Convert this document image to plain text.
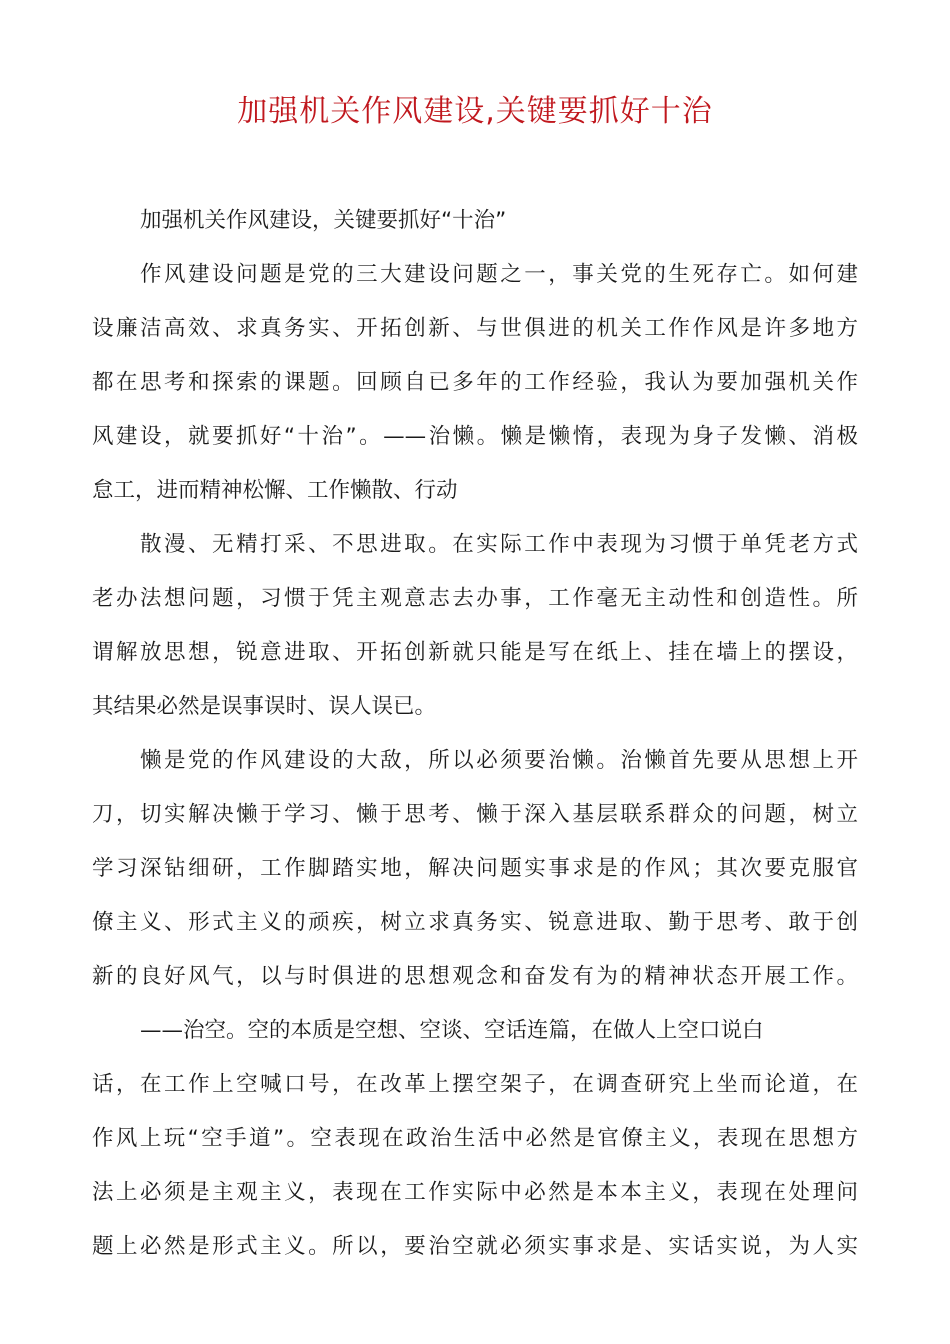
加强机关作风建设,关键要抓好十治
加强机关作风建设，关键要抓好“十治”
作风建设问题是党的三大建设问题之一，事关党的生死存亡。如何建
设廉洁高效、求真务实、开拓创新、与世俱进的机关工作作风是许多地方
都在思考和探索的课题。回顾自已多年的工作经验，我认为要加强机关作
风建设，就要抓好“十治”。——治懒。懒是懒惰，表现为身子发懒、消极
怠工，进而精神松懈、工作懒散、行动
散漫、无精打采、不思进取。在实际工作中表现为习惯于单凭老方式
老办法想问题，习惯于凭主观意志去办事，工作毫无主动性和创造性。所
谓解放思想，锐意进取、开拓创新就只能是写在纸上、挂在墙上的摆设，
其结果必然是误事误时、误人误已。
懒是党的作风建设的大敌，所以必须要治懒。治懒首先要从思想上开
刀，切实解决懒于学习、懒于思考、懒于深入基层联系群众的问题，树立
学习深钻细研，工作脚踏实地，解决问题实事求是的作风；其次要克服官
僚主义、形式主义的顽疾，树立求真务实、锐意进取、勤于思考、敢于创
新的良好风气，以与时俱进的思想观念和奋发有为的精神状态开展工作。
——治空。空的本质是空想、空谈、空话连篇，在做人上空口说白
话，在工作上空喊口号，在改革上摆空架子，在调查研究上坐而论道，在
作风上玩“空手道”。空表现在政治生活中必然是官僚主义，表现在思想方
法上必须是主观主义，表现在工作实际中必然是本本主义，表现在处理问
题上必然是形式主义。所以，要治空就必须实事求是、实话实说，为人实
